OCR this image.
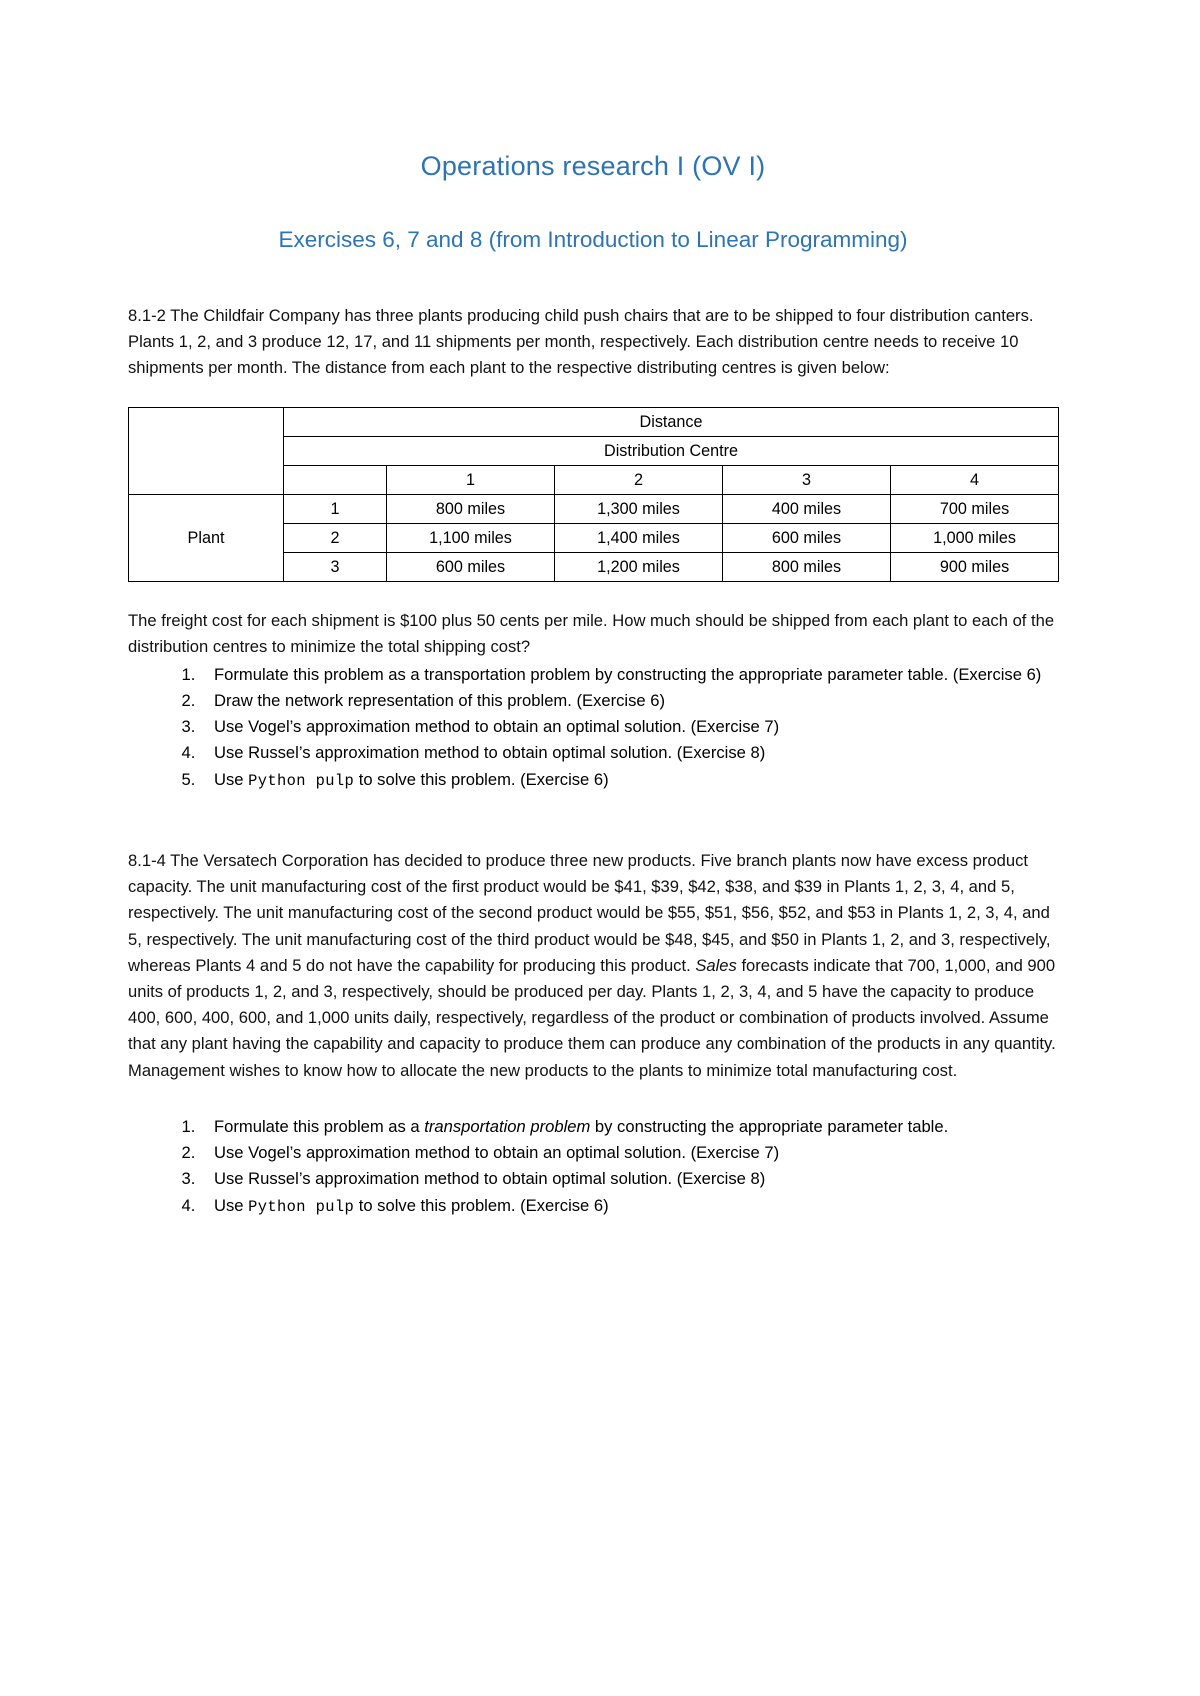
Operations research I (OV I)
Exercises 6, 7 and 8 (from Introduction to Linear Programming)

8.1-2 The Childfair Company has three plants producing child push chairs that are to be shipped to four distribution canters. Plants 1, 2, and 3 produce 12, 17, and 11 shipments per month, respectively. Each distribution centre needs to receive 10 shipments per month. The distance from each plant to the respective distributing centres is given below:

	Distance				
	Distribution Centre				
		1	2	3	4
Plant	1	800 miles	1,300 miles	400 miles	700 miles
	2	1,100 miles	1,400 miles	600 miles	1,000 miles
	3	600 miles	1,200 miles	800 miles	900 miles

The freight cost for each shipment is $100 plus 50 cents per mile. How much should be shipped from each plant to each of the distribution centres to minimize the total shipping cost?

1. Formulate this problem as a transportation problem by constructing the appropriate parameter table. (Exercise 6)
2. Draw the network representation of this problem. (Exercise 6)
3. Use Vogel’s approximation method to obtain an optimal solution. (Exercise 7)
4. Use Russel’s approximation method to obtain optimal solution. (Exercise 8)
5. Use Python pulp to solve this problem. (Exercise 6)

8.1-4 The Versatech Corporation has decided to produce three new products. Five branch plants now have excess product capacity. The unit manufacturing cost of the first product would be $41, $39, $42, $38, and $39 in Plants 1, 2, 3, 4, and 5, respectively. The unit manufacturing cost of the second product would be $55, $51, $56, $52, and $53 in Plants 1, 2, 3, 4, and 5, respectively. The unit manufacturing cost of the third product would be $48, $45, and $50 in Plants 1, 2, and 3, respectively, whereas Plants 4 and 5 do not have the capability for producing this product. Sales forecasts indicate that 700, 1,000, and 900 units of products 1, 2, and 3, respectively, should be produced per day. Plants 1, 2, 3, 4, and 5 have the capacity to produce 400, 600, 400, 600, and 1,000 units daily, respectively, regardless of the product or combination of products involved. Assume that any plant having the capability and capacity to produce them can produce any combination of the products in any quantity. Management wishes to know how to allocate the new products to the plants to minimize total manufacturing cost.

1. Formulate this problem as a transportation problem by constructing the appropriate parameter table.
2. Use Vogel’s approximation method to obtain an optimal solution. (Exercise 7)
3. Use Russel’s approximation method to obtain optimal solution. (Exercise 8)
4. Use Python pulp to solve this problem. (Exercise 6)
